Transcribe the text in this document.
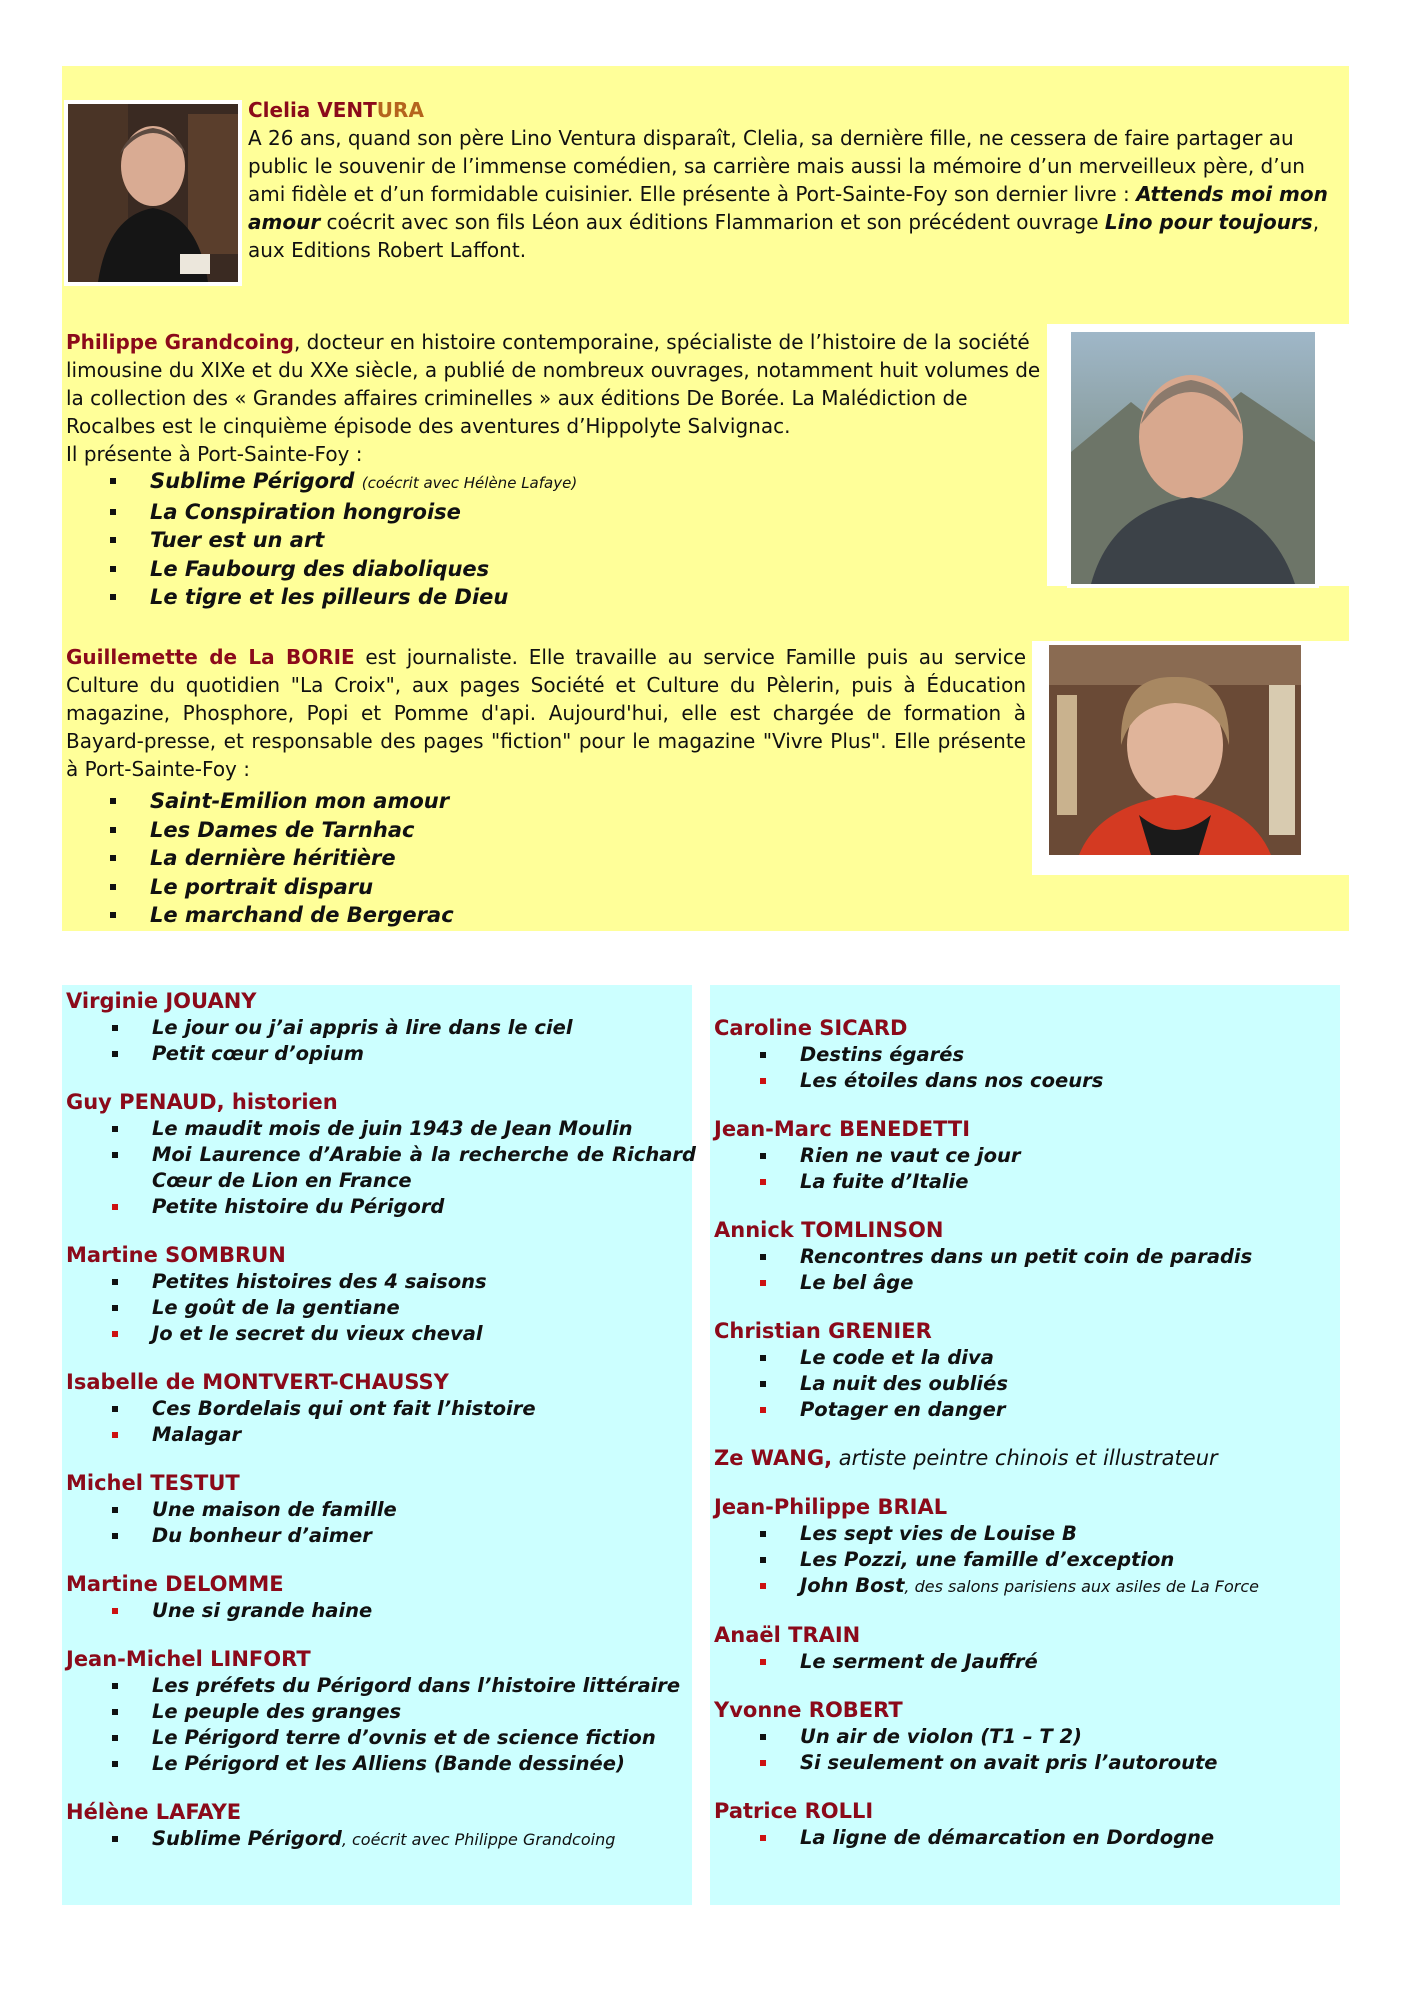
Clelia VENTURA
A 26 ans, quand son père Lino Ventura disparaît, Clelia, sa dernière fille, ne cessera de faire partager au public le souvenir de l’immense comédien, sa carrière mais aussi la mémoire d’un merveilleux père, d’un ami fidèle et d’un formidable cuisinier. Elle présente à Port-Sainte-Foy son dernier livre : Attends moi mon amour coécrit avec son fils Léon aux éditions Flammarion et son précédent ouvrage Lino pour toujours, aux Editions Robert Laffont.
Philippe Grandcoing, docteur en histoire contemporaine, spécialiste de l’histoire de la société limousine du XIXe et du XXe siècle, a publié de nombreux ouvrages, notamment huit volumes de la collection des « Grandes affaires criminelles » aux éditions De Borée. La Malédiction de Rocalbes est le cinquième épisode des aventures d’Hippolyte Salvignac.
Il présente à Port-Sainte-Foy :
Sublime Périgord (coécrit avec Hélène Lafaye)
La Conspiration hongroise
Tuer est un art
Le Faubourg des diaboliques
Le tigre et les pilleurs de Dieu
Guillemette de La BORIE est journaliste. Elle travaille au service Famille puis au service Culture du quotidien "La Croix", aux pages Société et Culture du Pèlerin, puis à Éducation magazine, Phosphore, Popi et Pomme d'api. Aujourd'hui, elle est chargée de formation à Bayard-presse, et responsable des pages "fiction" pour le magazine "Vivre Plus". Elle présente à Port-Sainte-Foy :
Saint-Emilion mon amour
Les Dames de Tarnhac
La dernière héritière
Le portrait disparu
Le marchand de Bergerac
Virginie JOUANY
Le jour ou j’ai appris à lire dans le ciel
Petit cœur d’opium
Guy PENAUD, historien
Le maudit mois de juin 1943 de Jean Moulin
Moi Laurence d’Arabie à la recherche de Richard Cœur de Lion en France
Petite histoire du Périgord
Martine SOMBRUN
Petites histoires des 4 saisons
Le goût de la gentiane
Jo et le secret du vieux cheval
Isabelle de MONTVERT-CHAUSSY
Ces Bordelais qui ont fait l’histoire
Malagar
Michel TESTUT
Une maison de famille
Du bonheur d’aimer
Martine DELOMME
Une si grande haine
Jean-Michel LINFORT
Les préfets du Périgord dans l’histoire littéraire
Le peuple des granges
Le Périgord terre d’ovnis et de science fiction
Le Périgord et les Alliens (Bande dessinée)
Hélène LAFAYE
Sublime Périgord, coécrit avec Philippe Grandcoing
Caroline SICARD
Destins égarés
Les étoiles dans nos coeurs
Jean-Marc BENEDETTI
Rien ne vaut ce jour
La fuite d’Italie
Annick TOMLINSON
Rencontres dans un petit coin de paradis
Le bel âge
Christian GRENIER
Le code et la diva
La nuit des oubliés
Potager en danger
Ze WANG, artiste peintre chinois et illustrateur
Jean-Philippe BRIAL
Les sept vies de Louise B
Les Pozzi, une famille d’exception
John Bost, des salons parisiens aux asiles de La Force
Anaël TRAIN
Le serment de Jauffré
Yvonne ROBERT
Un air de violon (T1 – T 2)
Si seulement on avait pris l’autoroute
Patrice ROLLI
La ligne de démarcation en Dordogne
